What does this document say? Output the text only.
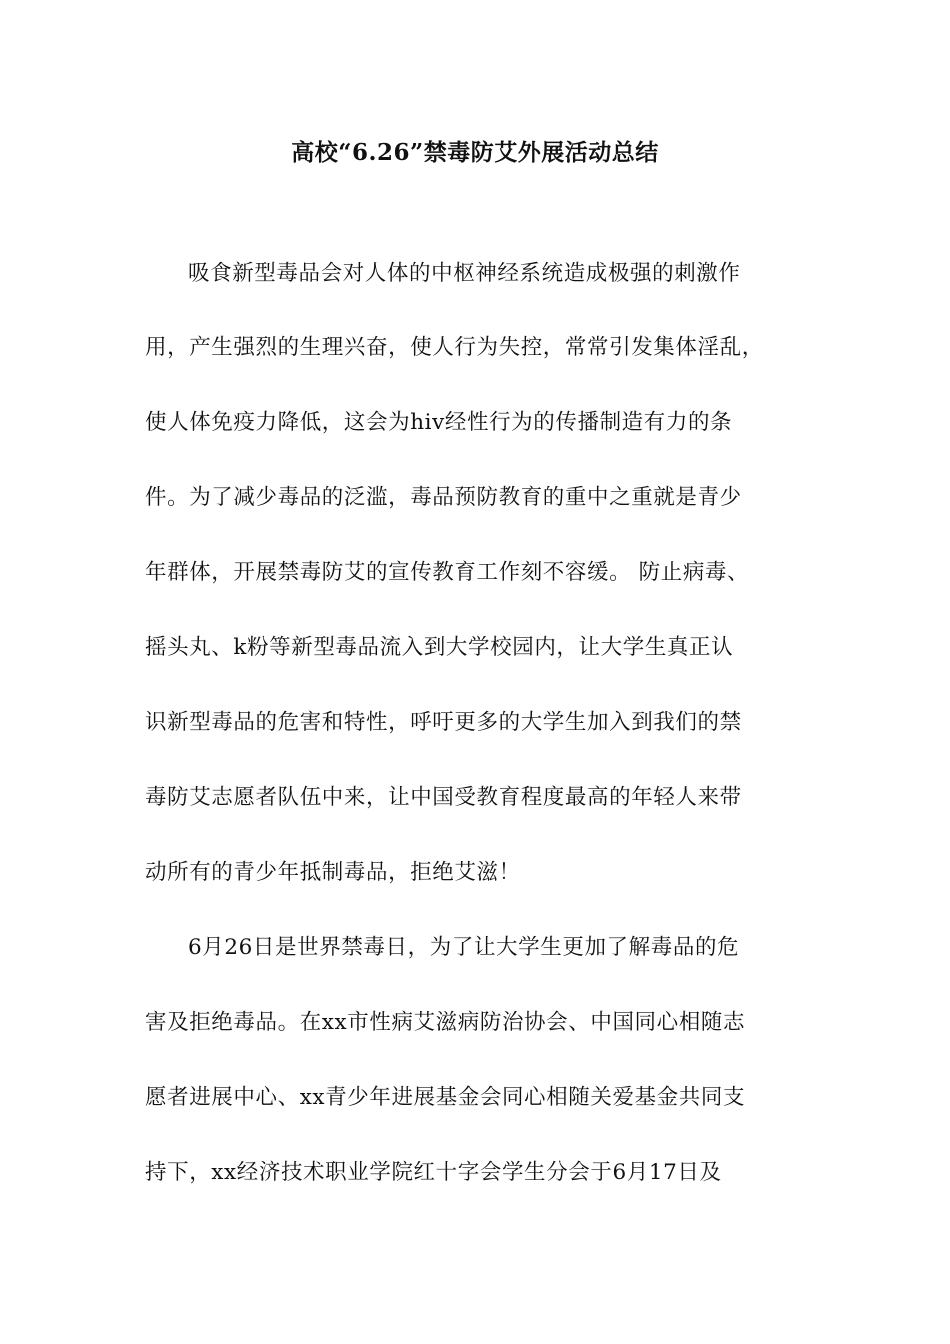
高校“6.26”禁毒防艾外展活动总结
吸食新型毒品会对人体的中枢神经系统造成极强的刺激作
用，产生强烈的生理兴奋，使人行为失控，常常引发集体淫乱，
使人体免疫力降低，这会为hiv经性行为的传播制造有力的条
件。为了减少毒品的泛滥，毒品预防教育的重中之重就是青少
年群体，开展禁毒防艾的宣传教育工作刻不容缓。 防止病毒、
摇头丸、k粉等新型毒品流入到大学校园内，让大学生真正认
识新型毒品的危害和特性，呼吁更多的大学生加入到我们的禁
毒防艾志愿者队伍中来，让中国受教育程度最高的年轻人来带
动所有的青少年抵制毒品，拒绝艾滋！
6月26日是世界禁毒日，为了让大学生更加了解毒品的危
害及拒绝毒品。在xx市性病艾滋病防治协会、中国同心相随志
愿者进展中心、xx青少年进展基金会同心相随关爱基金共同支
持下，xx经济技术职业学院红十字会学生分会于6月17日及
